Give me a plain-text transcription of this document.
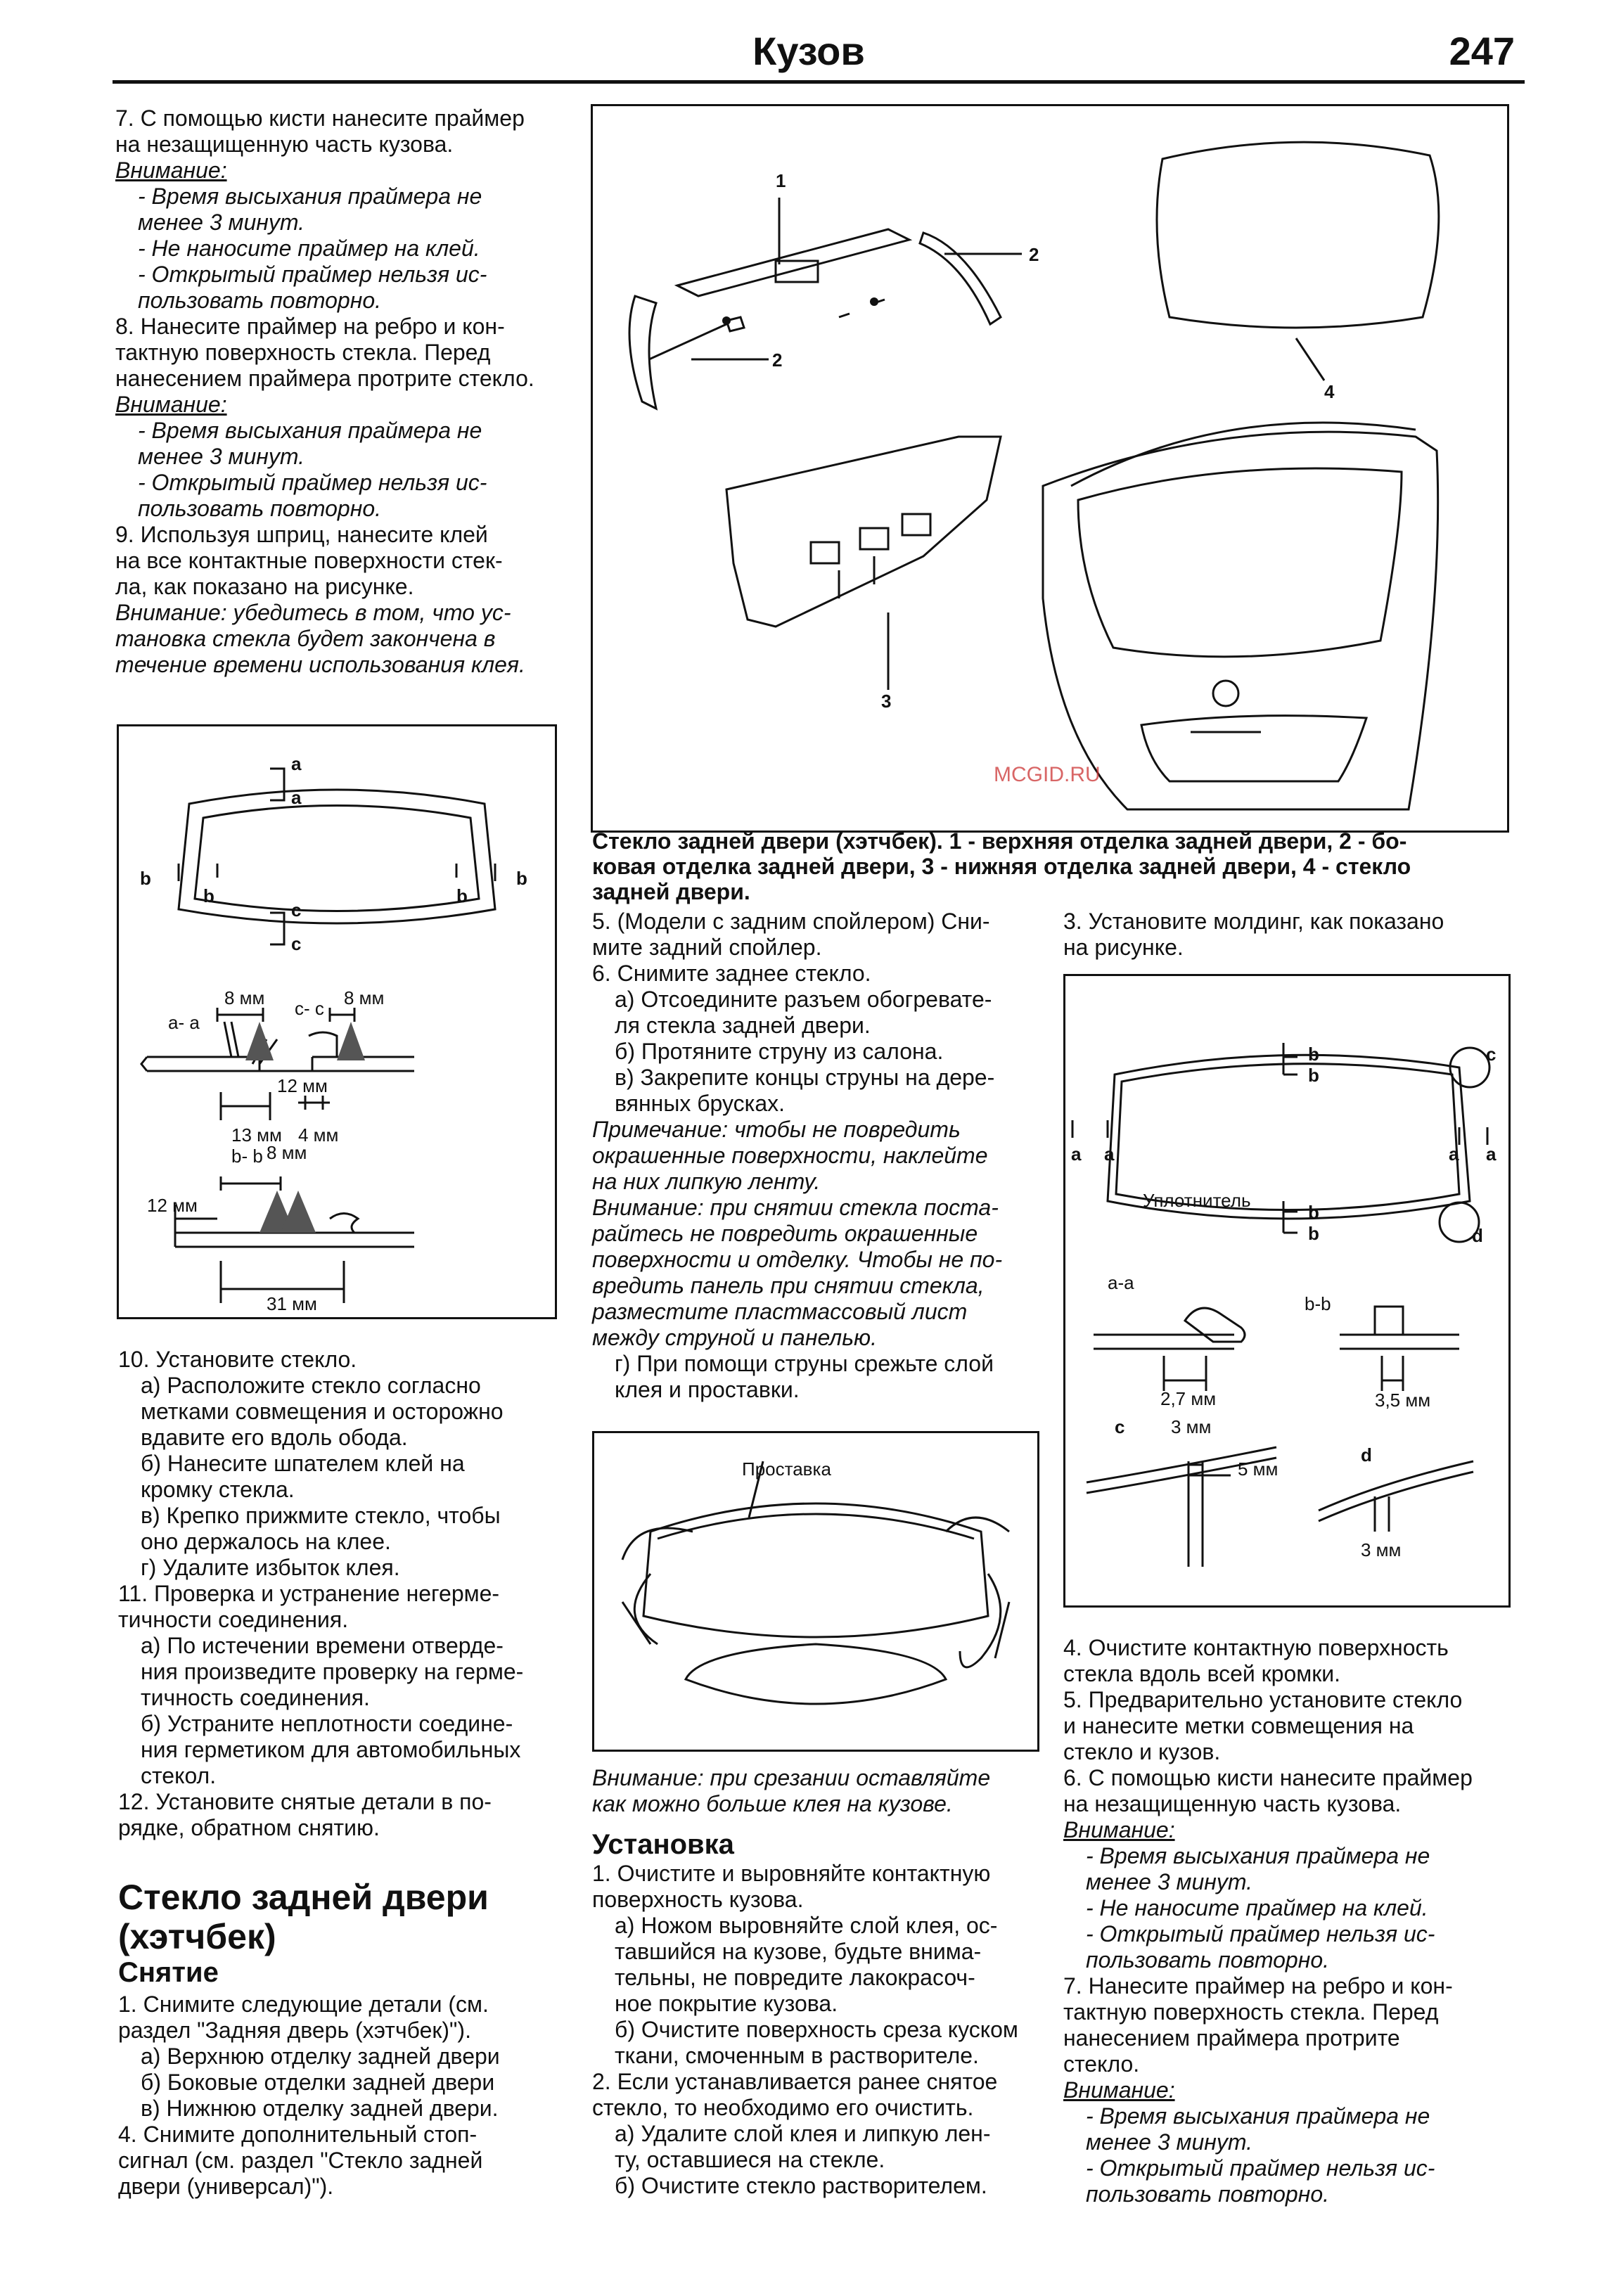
Кузов	247

7. С помощью кисти нанесите праймер

на незащищенную часть кузова.

Внимание:

- Время высыхания праймера не

менее 3 минут.

- Не наносите праймер на клей.

- Открытый праймер нельзя ис-

пользовать повторно.

8. Нанесите праймер на ребро и кон-

тактную поверхность стекла. Перед

нанесением праймера протрите стекло.

Внимание:

- Время высыхания праймера не

менее 3 минут.

- Открытый праймер нельзя ис-

пользовать повторно.

9. Используя шприц, нанесите клей

на все контактные поверхности стек-

ла, как показано на рисунке.

Внимание: убедитесь в том, что ус-

тановка стекла будет закончена в

течение времени использования клея.

a
a
c
c
b
b	b
b
8 мм	8 мм
a- a
c- c
12 мм
13 мм
b- b
4 мм
8 мм
12 мм
31 мм

10. Установите стекло.

а) Расположите стекло согласно

метками совмещения и осторожно

вдавите его вдоль обода.

б) Нанесите шпателем клей на

кромку стекла.

в) Крепко прижмите стекло, чтобы

оно держалось на клее.

г) Удалите избыток клея.

11. Проверка и устранение негерме-

тичности соединения.

а) По истечении времени отверде-

ния произведите проверку на герме-

тичность соединения.

б) Устраните неплотности соедине-

ния герметиком для автомобильных

стекол.

12. Установите снятые детали в по-

рядке, обратном снятию.

Стекло задней двери

(хэтчбек)

Снятие

1. Снимите следующие детали (см.

раздел "Задняя дверь (хэтчбек)").

а) Верхнюю отделку задней двери

б) Боковые отделки задней двери

в) Нижнюю отделку задней двери.

4. Снимите дополнительный стоп-

сигнал (см. раздел "Стекло задней

двери (универсал)").

1
2
2
3
4
MCGID.RU

Стекло задней двери (хэтчбек). 1 - верхняя отделка задней двери, 2 - бо-

ковая отделка задней двери, 3 - нижняя отделка задней двери, 4 - стекло

задней двери.

5. (Модели с задним спойлером) Сни-

мите задний спойлер.

6. Снимите заднее стекло.

а) Отсоедините разъем обогревате-

ля стекла задней двери.

б) Протяните струну из салона.

в) Закрепите концы струны на дере-

вянных брусках.

Примечание: чтобы не повредить

окрашенные поверхности, наклейте

на них липкую ленту.

Внимание: при снятии стекла поста-

райтесь не повредить окрашенные

поверхности и отделку. Чтобы не по-

вредить панель при снятии стекла,

разместите пластмассовый лист

между струной и панелью.

г) При помощи струны срежьте слой

клея и проставки.

Проставка

Внимание: при срезании оставляйте

как можно больше клея на кузове.

Установка

1. Очистите и выровняйте контактную

поверхность кузова.

а) Ножом выровняйте слой клея, ос-

тавшийся на кузове, будьте внима-

тельны, не повредите лакокрасоч-

ное покрытие кузова.

б) Очистите поверхность среза куском

ткани, смоченным в растворителе.

2. Если устанавливается ранее снятое

стекло, то необходимо его очистить.

а) Удалите слой клея и липкую лен-

ту, оставшиеся на стекле.

б) Очистите стекло растворителем.

3. Установите молдинг, как показано

на рисунке.

b
b
b
b
a a	a a
c
d
Уплотнитель
a-a
b-b
2,7 мм	3,5 мм
c	3 мм
5 мм
d
3 мм

4. Очистите контактную поверхность

стекла вдоль всей кромки.

5. Предварительно установите стекло

и нанесите метки совмещения на

стекло и кузов.

6. С помощью кисти нанесите праймер

на незащищенную часть кузова.

Внимание:

- Время высыхания праймера не

менее 3 минут.

- Не наносите праймер на клей.

- Открытый праймер нельзя ис-

пользовать повторно.

7. Нанесите праймер на ребро и кон-

тактную поверхность стекла. Перед

нанесением праймера протрите

стекло.

Внимание:

- Время высыхания праймера не

менее 3 минут.

- Открытый праймер нельзя ис-

пользовать повторно.
